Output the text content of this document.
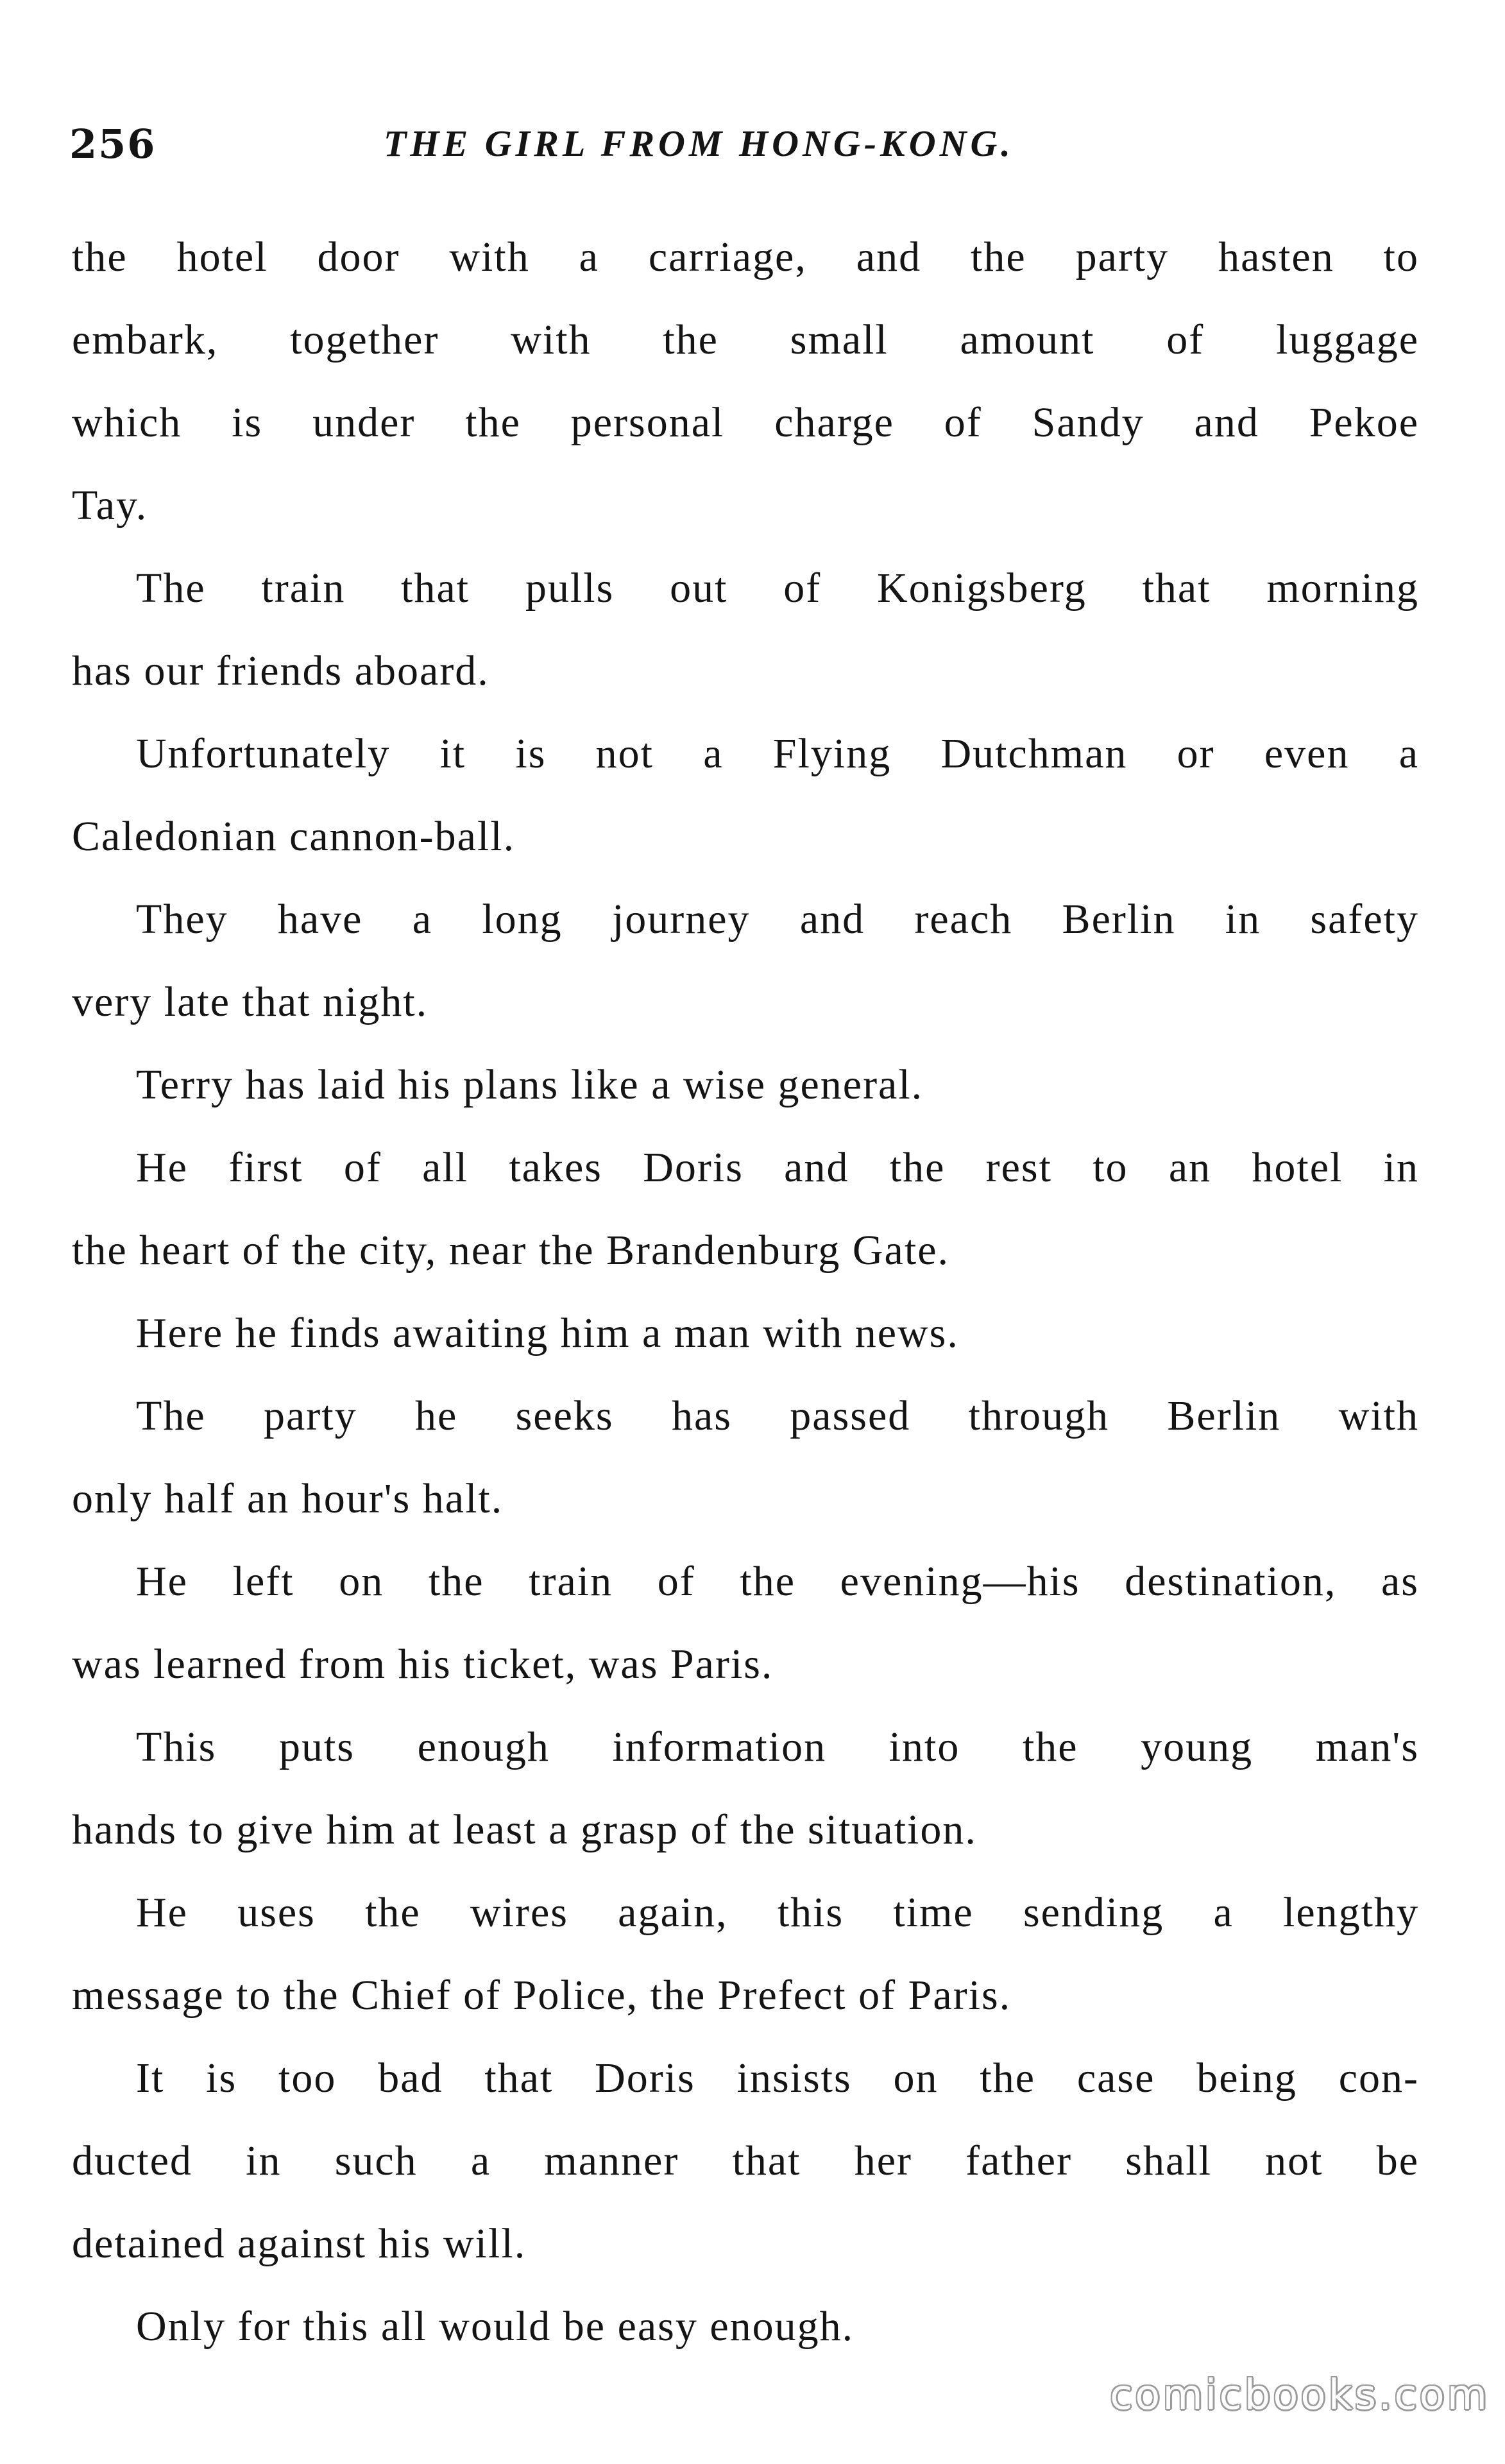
256	THE GIRL FROM HONG-KONG.
the hotel door with a carriage, and the party hasten to
embark, together with the small amount of luggage
which is under the personal charge of Sandy and Pekoe
Tay.
The train that pulls out of Konigsberg that morning
has our friends aboard.
Unfortunately it is not a Flying Dutchman or even a
Caledonian cannon-ball.
They have a long journey and reach Berlin in safety
very late that night.
Terry has laid his plans like a wise general.
He first of all takes Doris and the rest to an hotel in
the heart of the city, near the Brandenburg Gate.
Here he finds awaiting him a man with news.
The party he seeks has passed through Berlin with
only half an hour's halt.
He left on the train of the evening—his destination, as
was learned from his ticket, was Paris.
This puts enough information into the young man's
hands to give him at least a grasp of the situation.
He uses the wires again, this time sending a lengthy
message to the Chief of Police, the Prefect of Paris.
It is too bad that Doris insists on the case being con-
ducted in such a manner that her father shall not be
detained against his will.
Only for this all would be easy enough.
comicbooks.com
